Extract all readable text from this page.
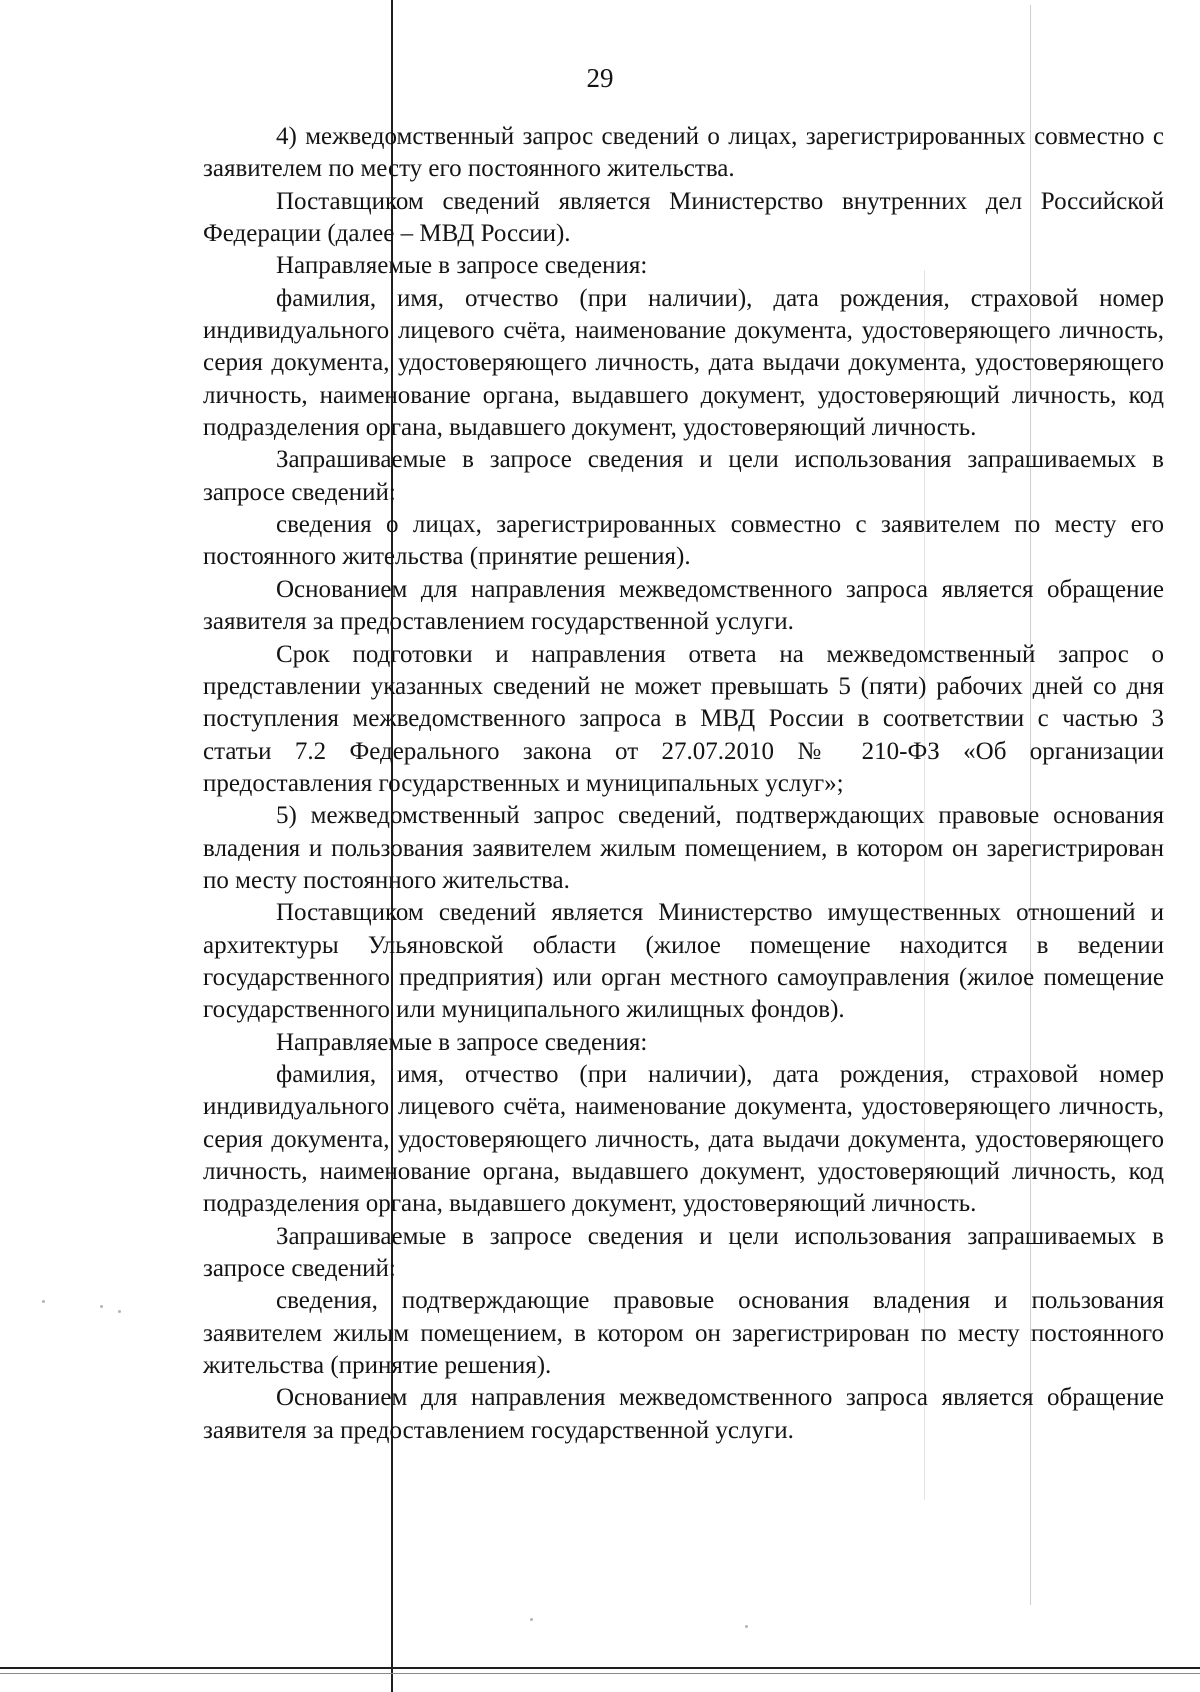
29

4) межведомственный запрос сведений о лицах, зарегистрированных совместно с заявителем по месту его постоянного жительства.

Поставщиком сведений является Министерство внутренних дел Российской Федерации (далее – МВД России).

Направляемые в запросе сведения:

фамилия, имя, отчество (при наличии), дата рождения, страховой номер индивидуального лицевого счёта, наименование документа, удостоверяющего личность, серия документа, удостоверяющего личность, дата выдачи документа, удостоверяющего личность, наименование органа, выдавшего документ, удостоверяющий личность, код подразделения органа, выдавшего документ, удостоверяющий личность.

Запрашиваемые в запросе сведения и цели использования запрашиваемых в запросе сведений:

сведения о лицах, зарегистрированных совместно с заявителем по месту его постоянного жительства (принятие решения).

Основанием для направления межведомственного запроса является обращение заявителя за предоставлением государственной услуги.

Срок подготовки и направления ответа на межведомственный запрос о представлении указанных сведений не может превышать 5 (пяти) рабочих дней со дня поступления межведомственного запроса в МВД России в соответствии с частью 3 статьи 7.2 Федерального закона от 27.07.2010 № 210-ФЗ «Об организации предоставления государственных и муниципальных услуг»;

5) межведомственный запрос сведений, подтверждающих правовые основания владения и пользования заявителем жилым помещением, в котором он зарегистрирован по месту постоянного жительства.

Поставщиком сведений является Министерство имущественных отношений и архитектуры Ульяновской области (жилое помещение находится в ведении государственного предприятия) или орган местного самоуправления (жилое помещение государственного или муниципального жилищных фондов).

Направляемые в запросе сведения:

фамилия, имя, отчество (при наличии), дата рождения, страховой номер индивидуального лицевого счёта, наименование документа, удостоверяющего личность, серия документа, удостоверяющего личность, дата выдачи документа, удостоверяющего личность, наименование органа, выдавшего документ, удостоверяющий личность, код подразделения органа, выдавшего документ, удостоверяющий личность.

Запрашиваемые в запросе сведения и цели использования запрашиваемых в запросе сведений:

сведения, подтверждающие правовые основания владения и пользования заявителем жилым помещением, в котором он зарегистрирован по месту постоянного жительства (принятие решения).

Основанием для направления межведомственного запроса является обращение заявителя за предоставлением государственной услуги.
